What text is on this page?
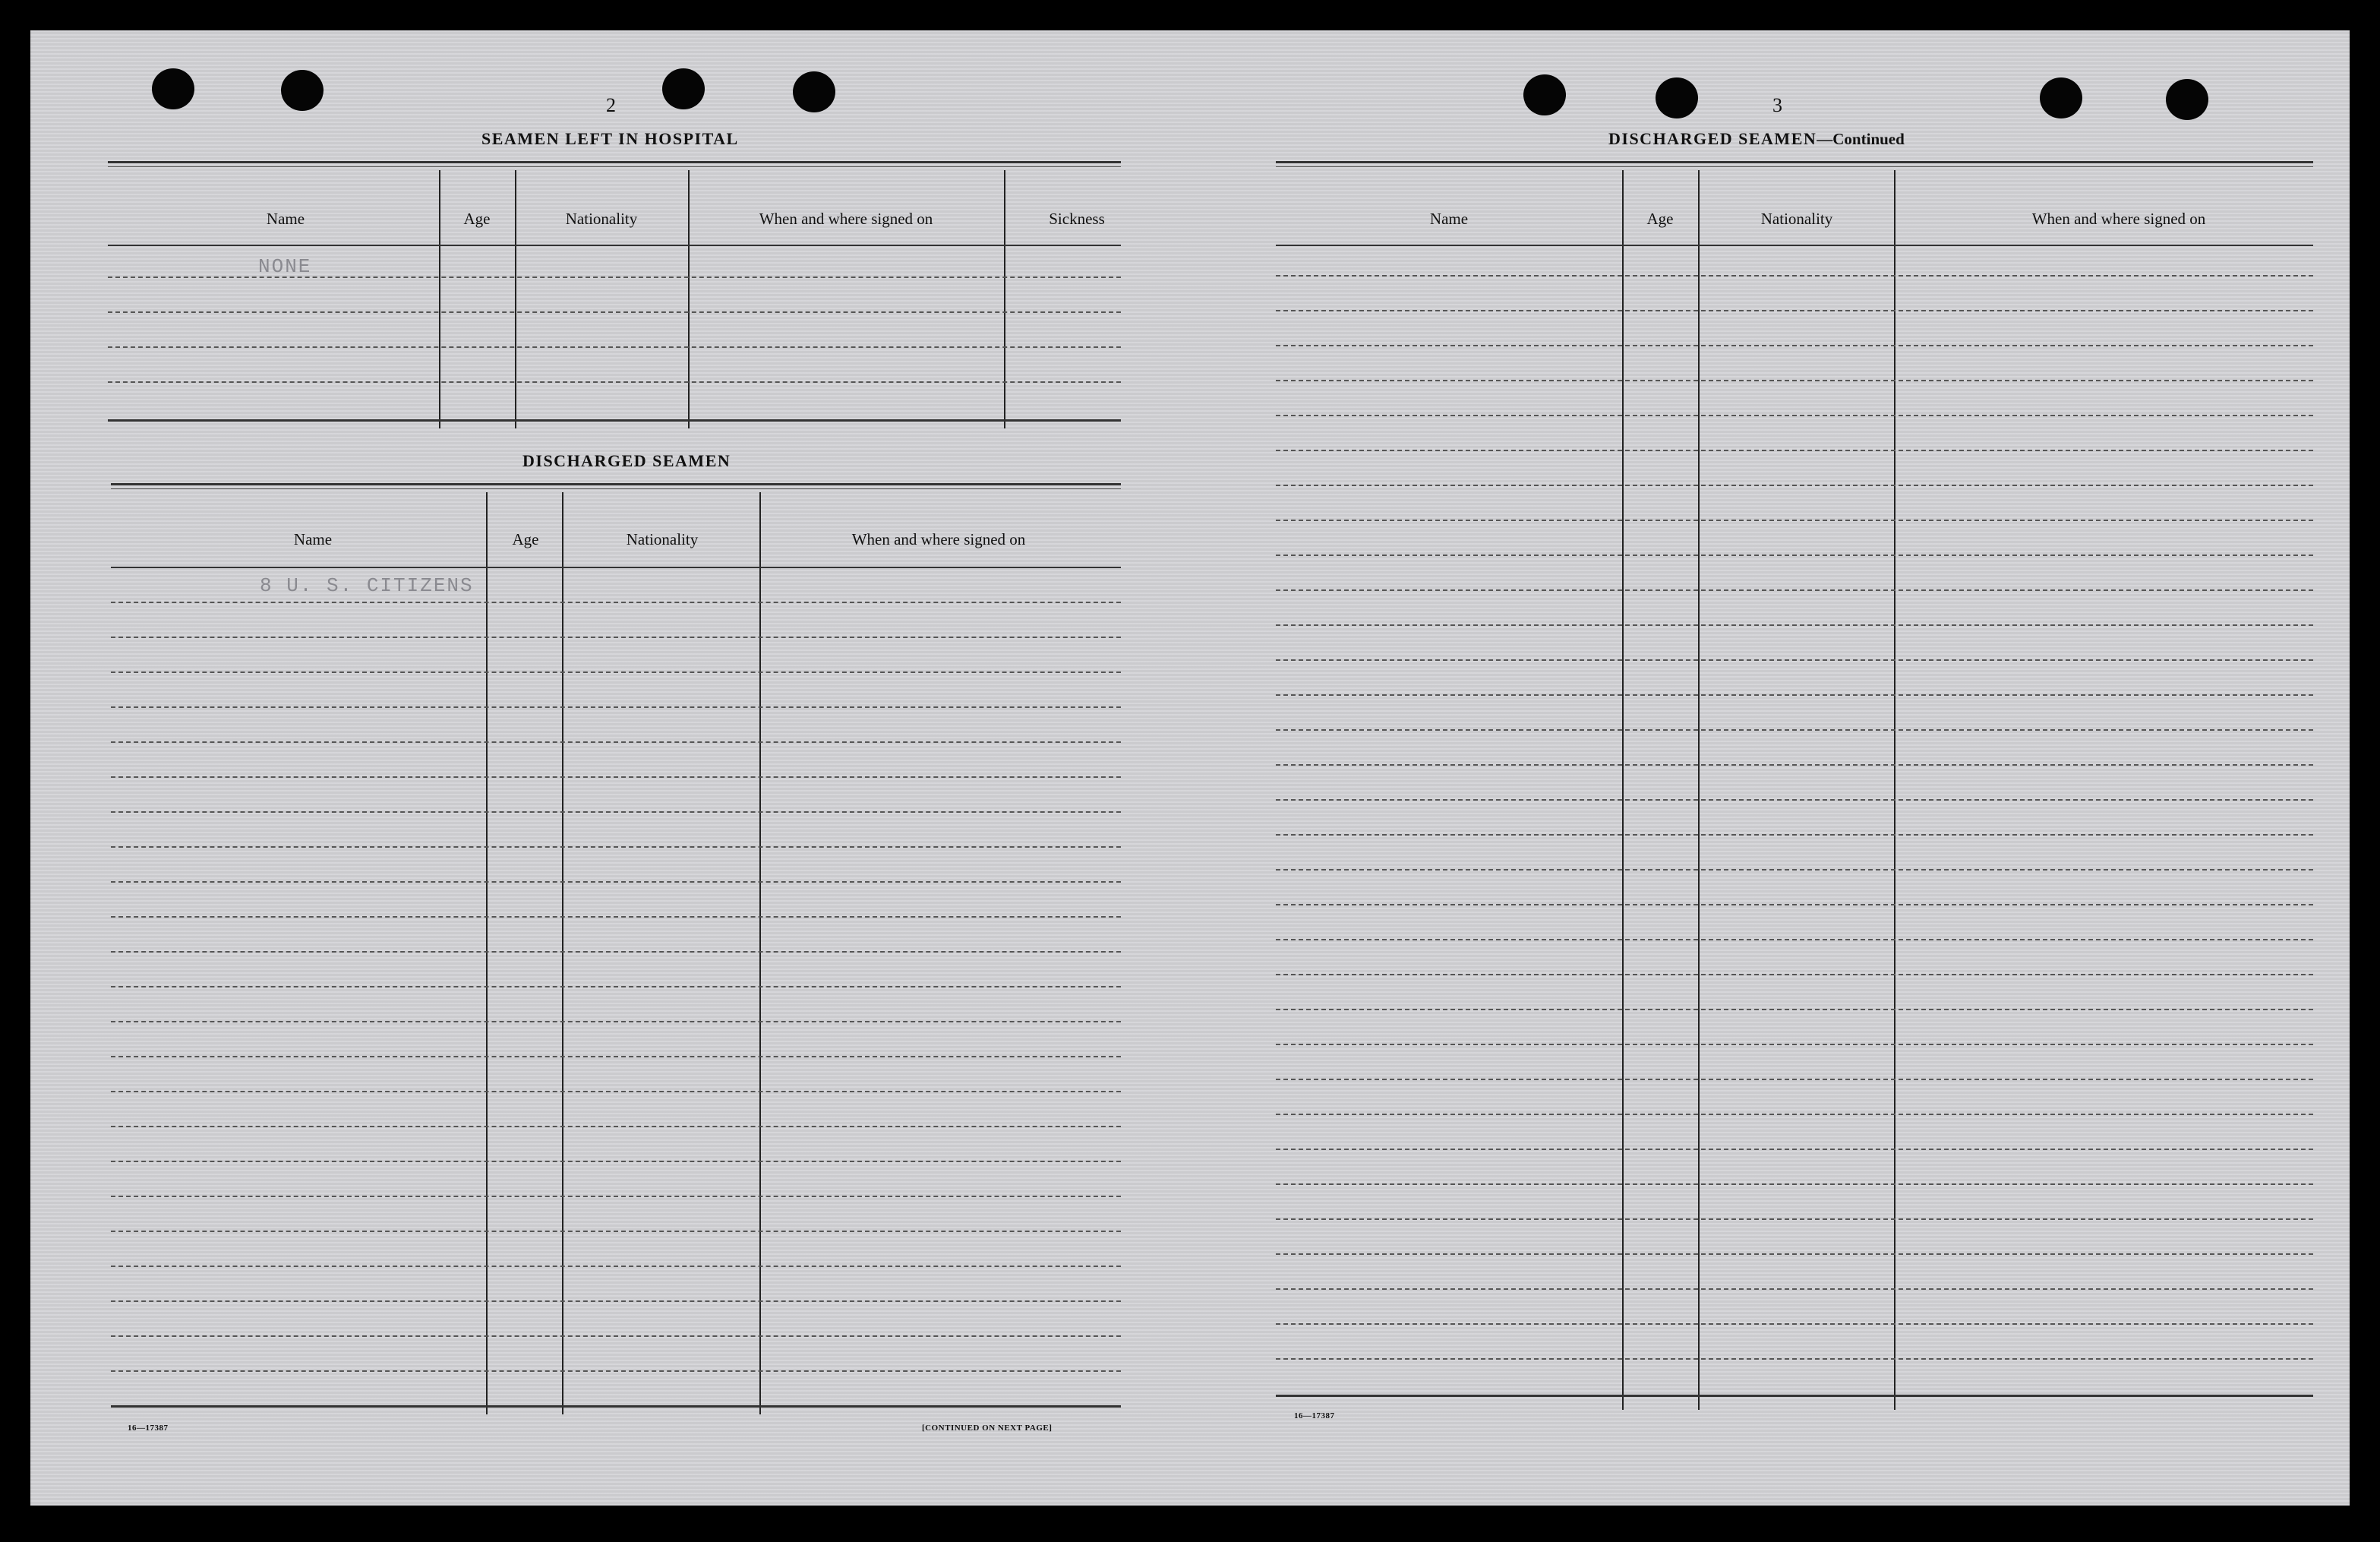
2
SEAMEN LEFT IN HOSPITAL
Name	Age	Nationality	When and where signed on	Sickness
NONE
DISCHARGED SEAMEN
Name	Age	Nationality	When and where signed on
8 U. S. CITIZENS
16—17387	[CONTINUED ON NEXT PAGE]
3
DISCHARGED SEAMEN—Continued
Name	Age	Nationality	When and where signed on
16—17387
